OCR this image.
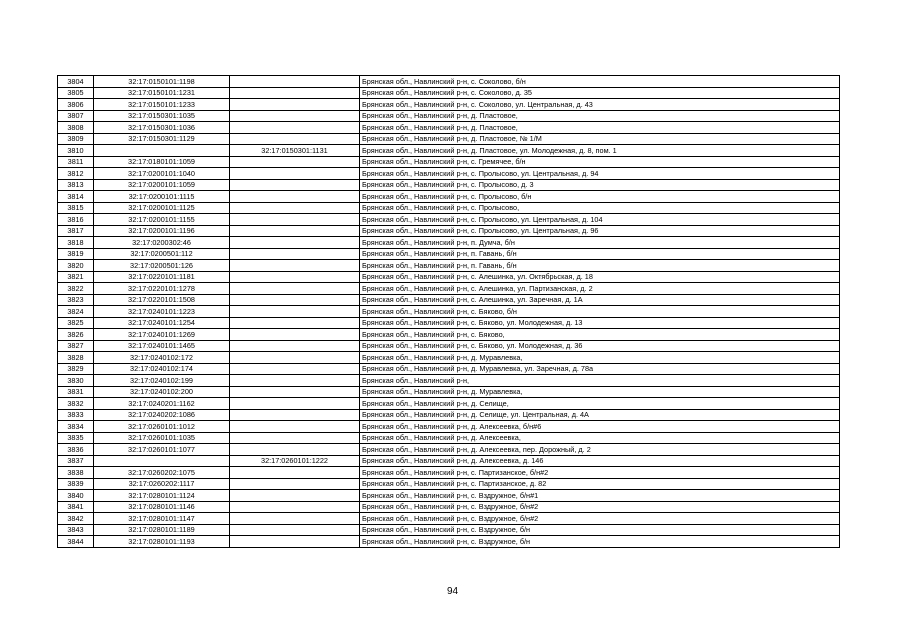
3804	32:17:0150101:1198		Брянская обл., Навлинский р-н, с. Соколово, б/н
3805	32:17:0150101:1231		Брянская обл., Навлинский р-н, с. Соколово, д. 35
3806	32:17:0150101:1233		Брянская обл., Навлинский р-н, с. Соколово, ул. Центральная, д. 43
3807	32:17:0150301:1035		Брянская обл., Навлинский р-н, д. Пластовое,
3808	32:17:0150301:1036		Брянская обл., Навлинский р-н, д. Пластовое,
3809	32:17:0150301:1129		Брянская обл., Навлинский р-н, д. Пластовое, № 1/М
3810		32:17:0150301:1131	Брянская обл., Навлинский р-н, д. Пластовое, ул. Молодежная, д. 8, пом. 1
3811	32:17:0180101:1059		Брянская обл., Навлинский р-н, с. Гремячее, б/н
3812	32:17:0200101:1040		Брянская обл., Навлинский р-н, с. Пролысово, ул. Центральная, д. 94
3813	32:17:0200101:1059		Брянская обл., Навлинский р-н, с. Пролысово, д. 3
3814	32:17:0200101:1115		Брянская обл., Навлинский р-н, с. Пролысово, б/н
3815	32:17:0200101:1125		Брянская обл., Навлинский р-н, с. Пролысово,
3816	32:17:0200101:1155		Брянская обл., Навлинский р-н, с. Пролысово, ул. Центральная, д. 104
3817	32:17:0200101:1196		Брянская обл., Навлинский р-н, с. Пролысово, ул. Центральная, д. 96
3818	32:17:0200302:46		Брянская обл., Навлинский р-н, п. Думча, б/н
3819	32:17:0200501:112		Брянская обл., Навлинский р-н, п. Гавань, б/н
3820	32:17:0200501:126		Брянская обл., Навлинский р-н, п. Гавань, б/н
3821	32:17:0220101:1181		Брянская обл., Навлинский р-н, с. Алешинка, ул. Октябрьская, д. 18
3822	32:17:0220101:1278		Брянская обл., Навлинский р-н, с. Алешинка, ул. Партизанская, д. 2
3823	32:17:0220101:1508		Брянская обл., Навлинский р-н, с. Алешинка, ул. Заречная, д. 1А
3824	32:17:0240101:1223		Брянская обл., Навлинский р-н, с. Бяково, б/н
3825	32:17:0240101:1254		Брянская обл., Навлинский р-н, с. Бяково, ул. Молодежная, д. 13
3826	32:17:0240101:1269		Брянская обл., Навлинский р-н, с. Бяково,
3827	32:17:0240101:1465		Брянская обл., Навлинский р-н, с. Бяково, ул. Молодежная, д. 36
3828	32:17:0240102:172		Брянская обл., Навлинский р-н, д. Муравлевка,
3829	32:17:0240102:174		Брянская обл., Навлинский р-н, д. Муравлевка, ул. Заречная, д. 78а
3830	32:17:0240102:199		Брянская обл., Навлинский р-н,
3831	32:17:0240102:200		Брянская обл., Навлинский р-н, д. Муравлевка,
3832	32:17:0240201:1162		Брянская обл., Навлинский р-н, д. Селище,
3833	32:17:0240202:1086		Брянская обл., Навлинский р-н, д. Селище, ул. Центральная, д. 4А
3834	32:17:0260101:1012		Брянская обл., Навлинский р-н, д. Алексеевка, б/н#6
3835	32:17:0260101:1035		Брянская обл., Навлинский р-н, д. Алексеевка,
3836	32:17:0260101:1077		Брянская обл., Навлинский р-н, д. Алексеевка, пер. Дорожный, д. 2
3837		32:17:0260101:1222	Брянская обл., Навлинский р-н, д. Алексеевка, д. 146
3838	32:17:0260202:1075		Брянская обл., Навлинский р-н, с. Партизанское, б/н#2
3839	32:17:0260202:1117		Брянская обл., Навлинский р-н, с. Партизанское, д. 82
3840	32:17:0280101:1124		Брянская обл., Навлинский р-н, с. Вздружное, б/н#1
3841	32:17:0280101:1146		Брянская обл., Навлинский р-н, с. Вздружное, б/н#2
3842	32:17:0280101:1147		Брянская обл., Навлинский р-н, с. Вздружное, б/н#2
3843	32:17:0280101:1189		Брянская обл., Навлинский р-н, с. Вздружное, б/н
3844	32:17:0280101:1193		Брянская обл., Навлинский р-н, с. Вздружное, б/н
94
